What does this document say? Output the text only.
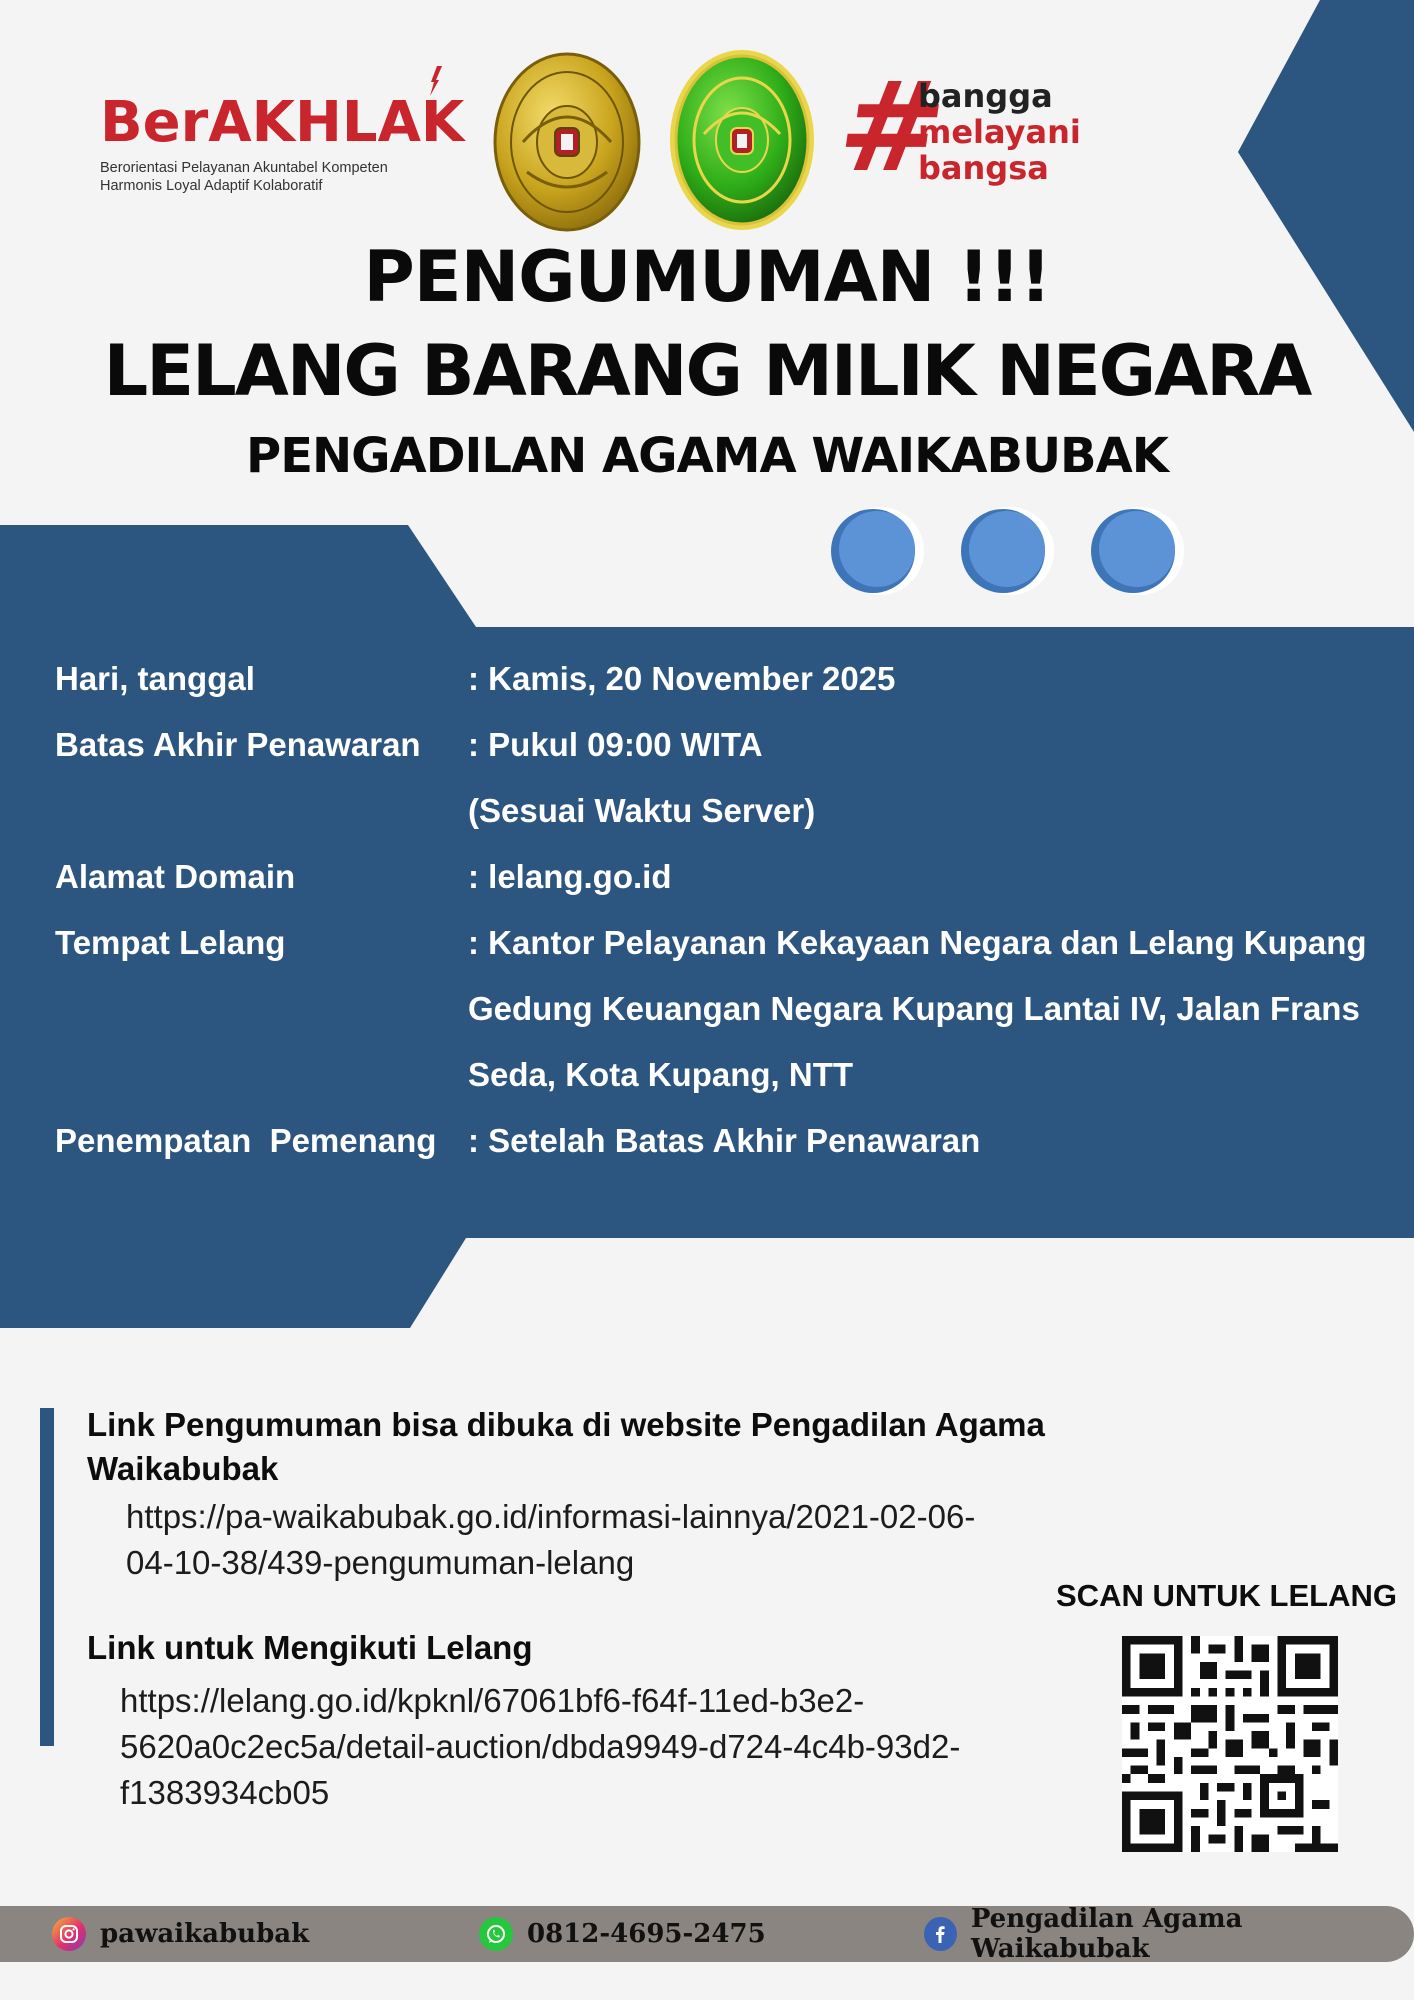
BerAKHLAK
Berorientasi Pelayanan Akuntabel Kompeten
Harmonis Loyal Adaptif Kolaboratif	#
bangga
melayani
bangsa
PENGUMUMAN !!!
LELANG BARANG MILIK NEGARA
PENGADILAN AGAMA WAIKABUBAK
Hari, tanggal	: Kamis, 20 November 2025
Batas Akhir Penawaran	: Pukul 09:00 WITA
(Sesuai Waktu Server)
Alamat Domain	: lelang.go.id
Tempat Lelang	: Kantor Pelayanan Kekayaan Negara dan Lelang Kupang
Gedung Keuangan Negara Kupang Lantai IV, Jalan Frans
Seda, Kota Kupang, NTT
Penempatan  Pemenang : Setelah Batas Akhir Penawaran
Link Pengumuman bisa dibuka di website Pengadilan Agama
Waikabubak
https://pa-waikabubak.go.id/informasi-lainnya/2021-02-06-
04-10-38/439-pengumuman-lelang
Link untuk Mengikuti Lelang
https://lelang.go.id/kpknl/67061bf6-f64f-11ed-b3e2-
5620a0c2ec5a/detail-auction/dbda9949-d724-4c4b-93d2-
f1383934cb05
SCAN UNTUK LELANG
pawaikabubak	0812-4695-2475	Pengadilan Agama Waikabubak
